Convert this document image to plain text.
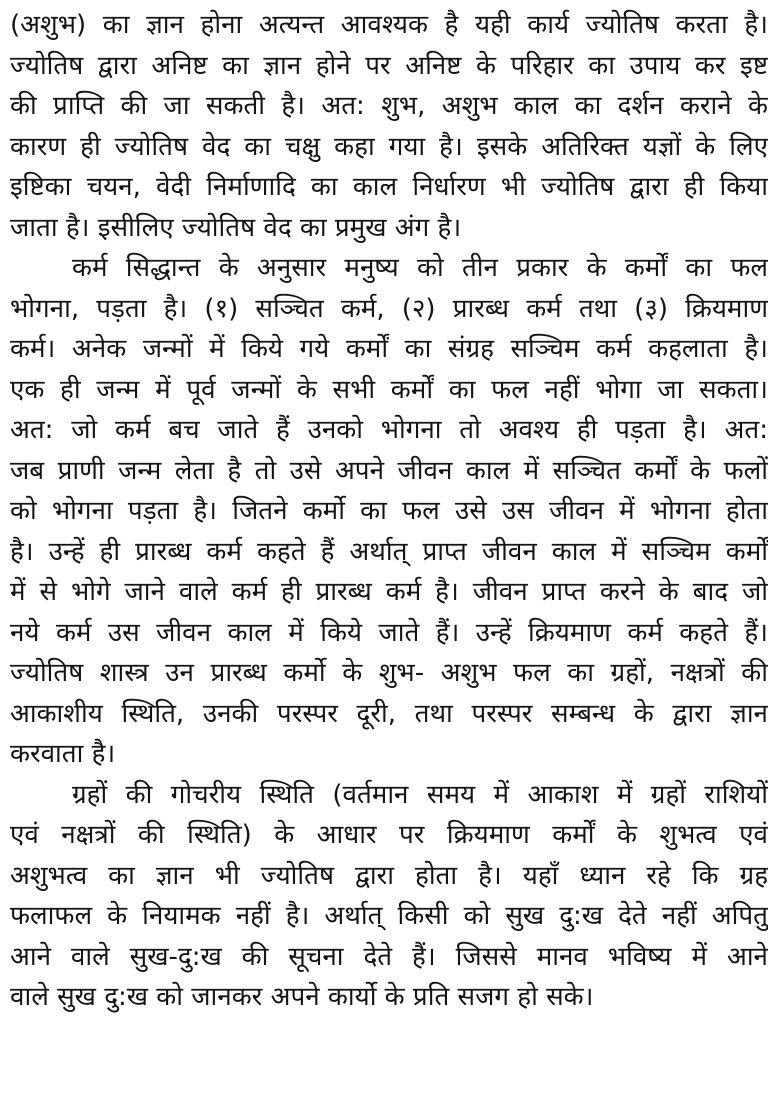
(अशुभ) का ज्ञान होना अत्यन्त आवश्यक है यही कार्य ज्योतिष करता है।
ज्योतिष द्वारा अनिष्ट का ज्ञान होने पर अनिष्ट के परिहार का उपाय कर इष्ट
की प्राप्ति की जा सकती है। अत: शुभ, अशुभ काल का दर्शन कराने के
कारण ही ज्योतिष वेद का चक्षु कहा गया है। इसके अतिरिक्त यज्ञों के लिए
इष्टिका चयन, वेदी निर्माणादि का काल निर्धारण भी ज्योतिष द्वारा ही किया
जाता है। इसीलिए ज्योतिष वेद का प्रमुख अंग है।
कर्म सिद्धान्त के अनुसार मनुष्य को तीन प्रकार के कर्मों का फल
भोगना, पड़ता है। (१) सञ्चित कर्म, (२) प्रारब्ध कर्म तथा (३) क्रियमाण
कर्म। अनेक जन्मों में किये गये कर्मों का संग्रह सञ्चिम कर्म कहलाता है।
एक ही जन्म में पूर्व जन्मों के सभी कर्मों का फल नहीं भोगा जा सकता।
अत: जो कर्म बच जाते हैं उनको भोगना तो अवश्य ही पड़ता है। अत:
जब प्राणी जन्म लेता है तो उसे अपने जीवन काल में सञ्चित कर्मों के फलों
को भोगना पड़ता है। जितने कर्मो का फल उसे उस जीवन में भोगना होता
है। उन्हें ही प्रारब्ध कर्म कहते हैं अर्थात् प्राप्त जीवन काल में सञ्चिम कर्मों
में से भोगे जाने वाले कर्म ही प्रारब्ध कर्म है। जीवन प्राप्त करने के बाद जो
नये कर्म उस जीवन काल में किये जाते हैं। उन्हें क्रियमाण कर्म कहते हैं।
ज्योतिष शास्त्र उन प्रारब्ध कर्मो के शुभ- अशुभ फल का ग्रहों, नक्षत्रों की
आकाशीय स्थिति, उनकी परस्पर दूरी, तथा परस्पर सम्बन्ध के द्वारा ज्ञान
करवाता है।
ग्रहों की गोचरीय स्थिति (वर्तमान समय में आकाश में ग्रहों राशियों
एवं नक्षत्रों की स्थिति) के आधार पर क्रियमाण कर्मों के शुभत्व एवं
अशुभत्व का ज्ञान भी ज्योतिष द्वारा होता है। यहाँ ध्यान रहे कि ग्रह
फलाफल के नियामक नहीं है। अर्थात् किसी को सुख दु:ख देते नहीं अपितु
आने वाले सुख-दु:ख की सूचना देते हैं। जिससे मानव भविष्य में आने
वाले सुख दु:ख को जानकर अपने कार्यो के प्रति सजग हो सके।
